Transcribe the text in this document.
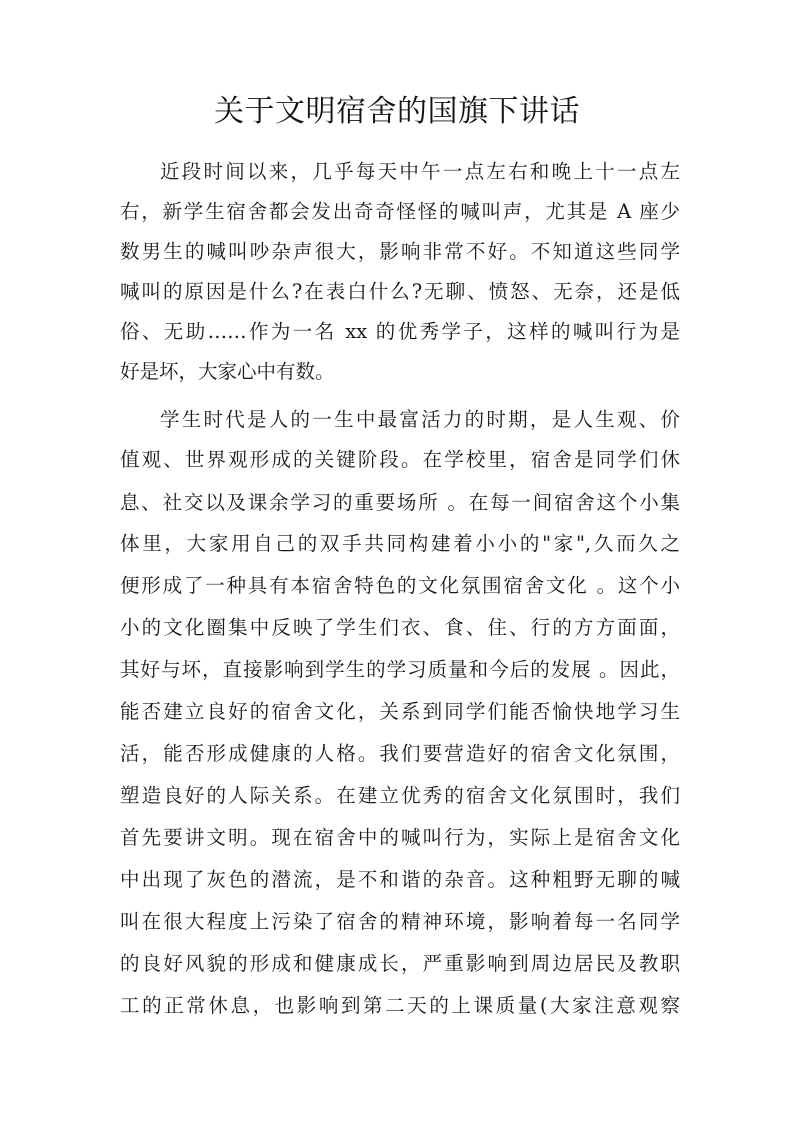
关于文明宿舍的国旗下讲话
近段时间以来，几乎每天中午一点左右和晚上十一点左
右，新学生宿舍都会发出奇奇怪怪的喊叫声，尤其是 A 座少
数男生的喊叫吵杂声很大，影响非常不好。不知道这些同学
喊叫的原因是什么?在表白什么?无聊、愤怒、无奈，还是低
俗、无助……作为一名 xx 的优秀学子，这样的喊叫行为是
好是坏，大家心中有数。
学生时代是人的一生中最富活力的时期，是人生观、价
值观、世界观形成的关键阶段。在学校里，宿舍是同学们休
息、社交以及课余学习的重要场所 。在每一间宿舍这个小集
体里，大家用自己的双手共同构建着小小的"家",久而久之
便形成了一种具有本宿舍特色的文化氛围宿舍文化 。这个小
小的文化圈集中反映了学生们衣、食、住、行的方方面面，
其好与坏，直接影响到学生的学习质量和今后的发展 。因此，
能否建立良好的宿舍文化，关系到同学们能否愉快地学习生
活，能否形成健康的人格。我们要营造好的宿舍文化氛围，
塑造良好的人际关系。在建立优秀的宿舍文化氛围时，我们
首先要讲文明。现在宿舍中的喊叫行为，实际上是宿舍文化
中出现了灰色的潜流，是不和谐的杂音。这种粗野无聊的喊
叫在很大程度上污染了宿舍的精神环境，影响着每一名同学
的良好风貌的形成和健康成长，严重影响到周边居民及教职
工的正常休息，也影响到第二天的上课质量(大家注意观察
